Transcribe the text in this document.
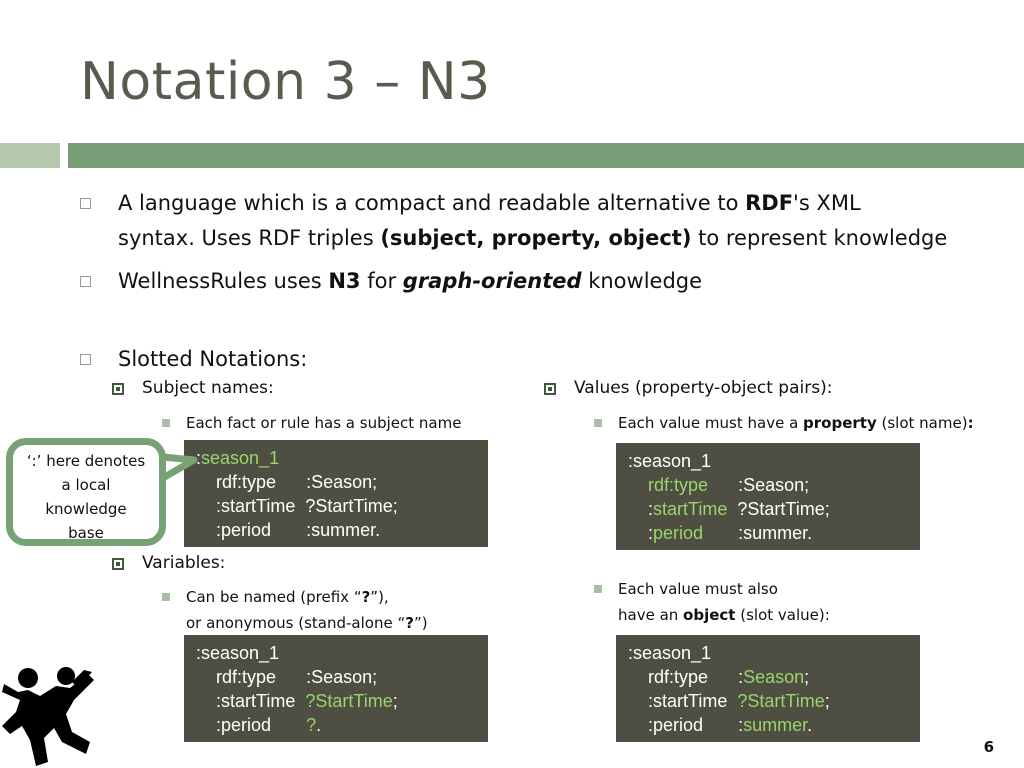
Notation 3 – N3
A language which is a compact and readable alternative to RDF's XML
syntax. Uses RDF triples (subject, property, object) to represent knowledge
WellnessRules uses N3 for graph-oriented knowledge
Slotted Notations:
Subject names:
Each fact or rule has a subject name
:season_1
rdf:type :Season;
:startTime ?StartTime;
:period :summer.
Variables:
Can be named (prefix “?”),
or anonymous (stand-alone “?”)
:season_1
rdf:type :Season;
:startTime ?StartTime;
:period ?.
Values (property-object pairs):
Each value must have a property (slot name):
:season_1
rdf:type :Season;
:startTime ?StartTime;
:period :summer.
Each value must also
have an object (slot value):
:season_1
rdf:type :Season;
:startTime ?StartTime;
:period :summer.
‘:’ here denotes
a local
knowledge
base
6
